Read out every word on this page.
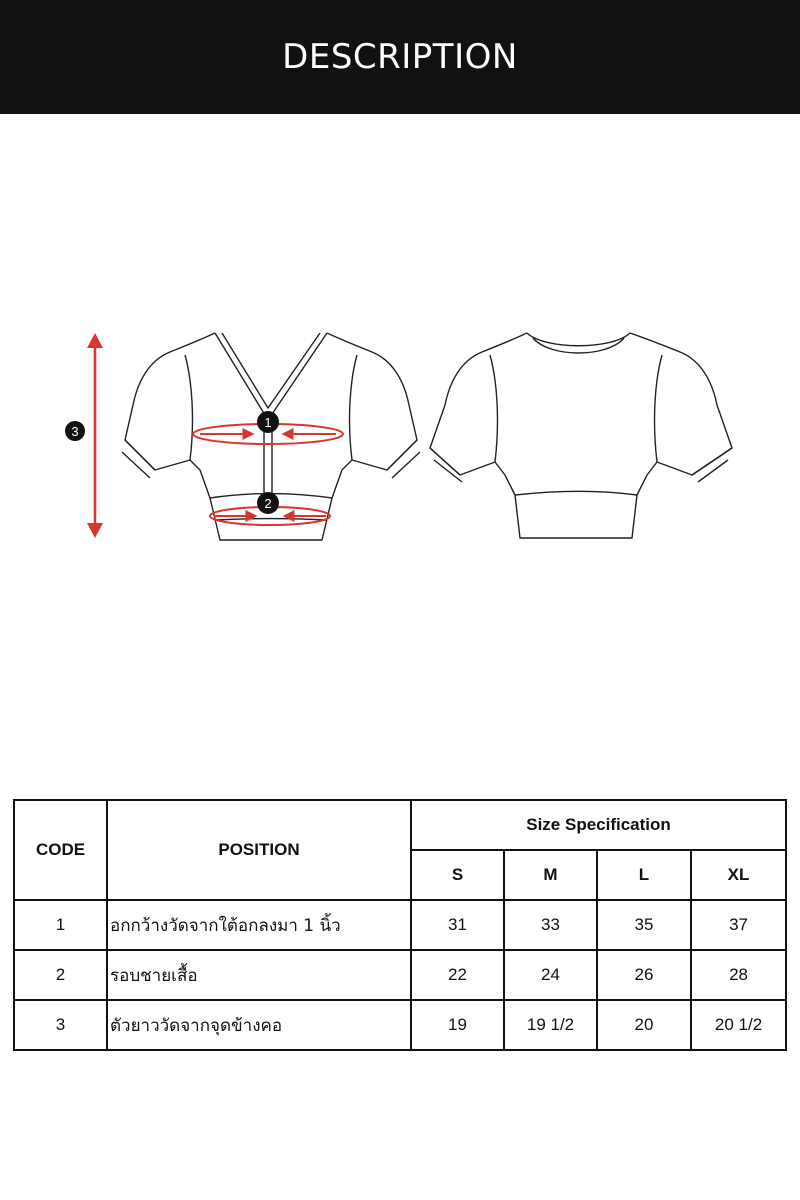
DESCRIPTION
3
1
2
CODE	POSITION	Size Specification			
		S	M	L	XL
1	อกกว้างวัดจากใต้อกลงมา 1 นิ้ว	31	33	35	37
2	รอบชายเสื้อ	22	24	26	28
3	ตัวยาววัดจากจุดข้างคอ	19	19 1/2	20	20 1/2
